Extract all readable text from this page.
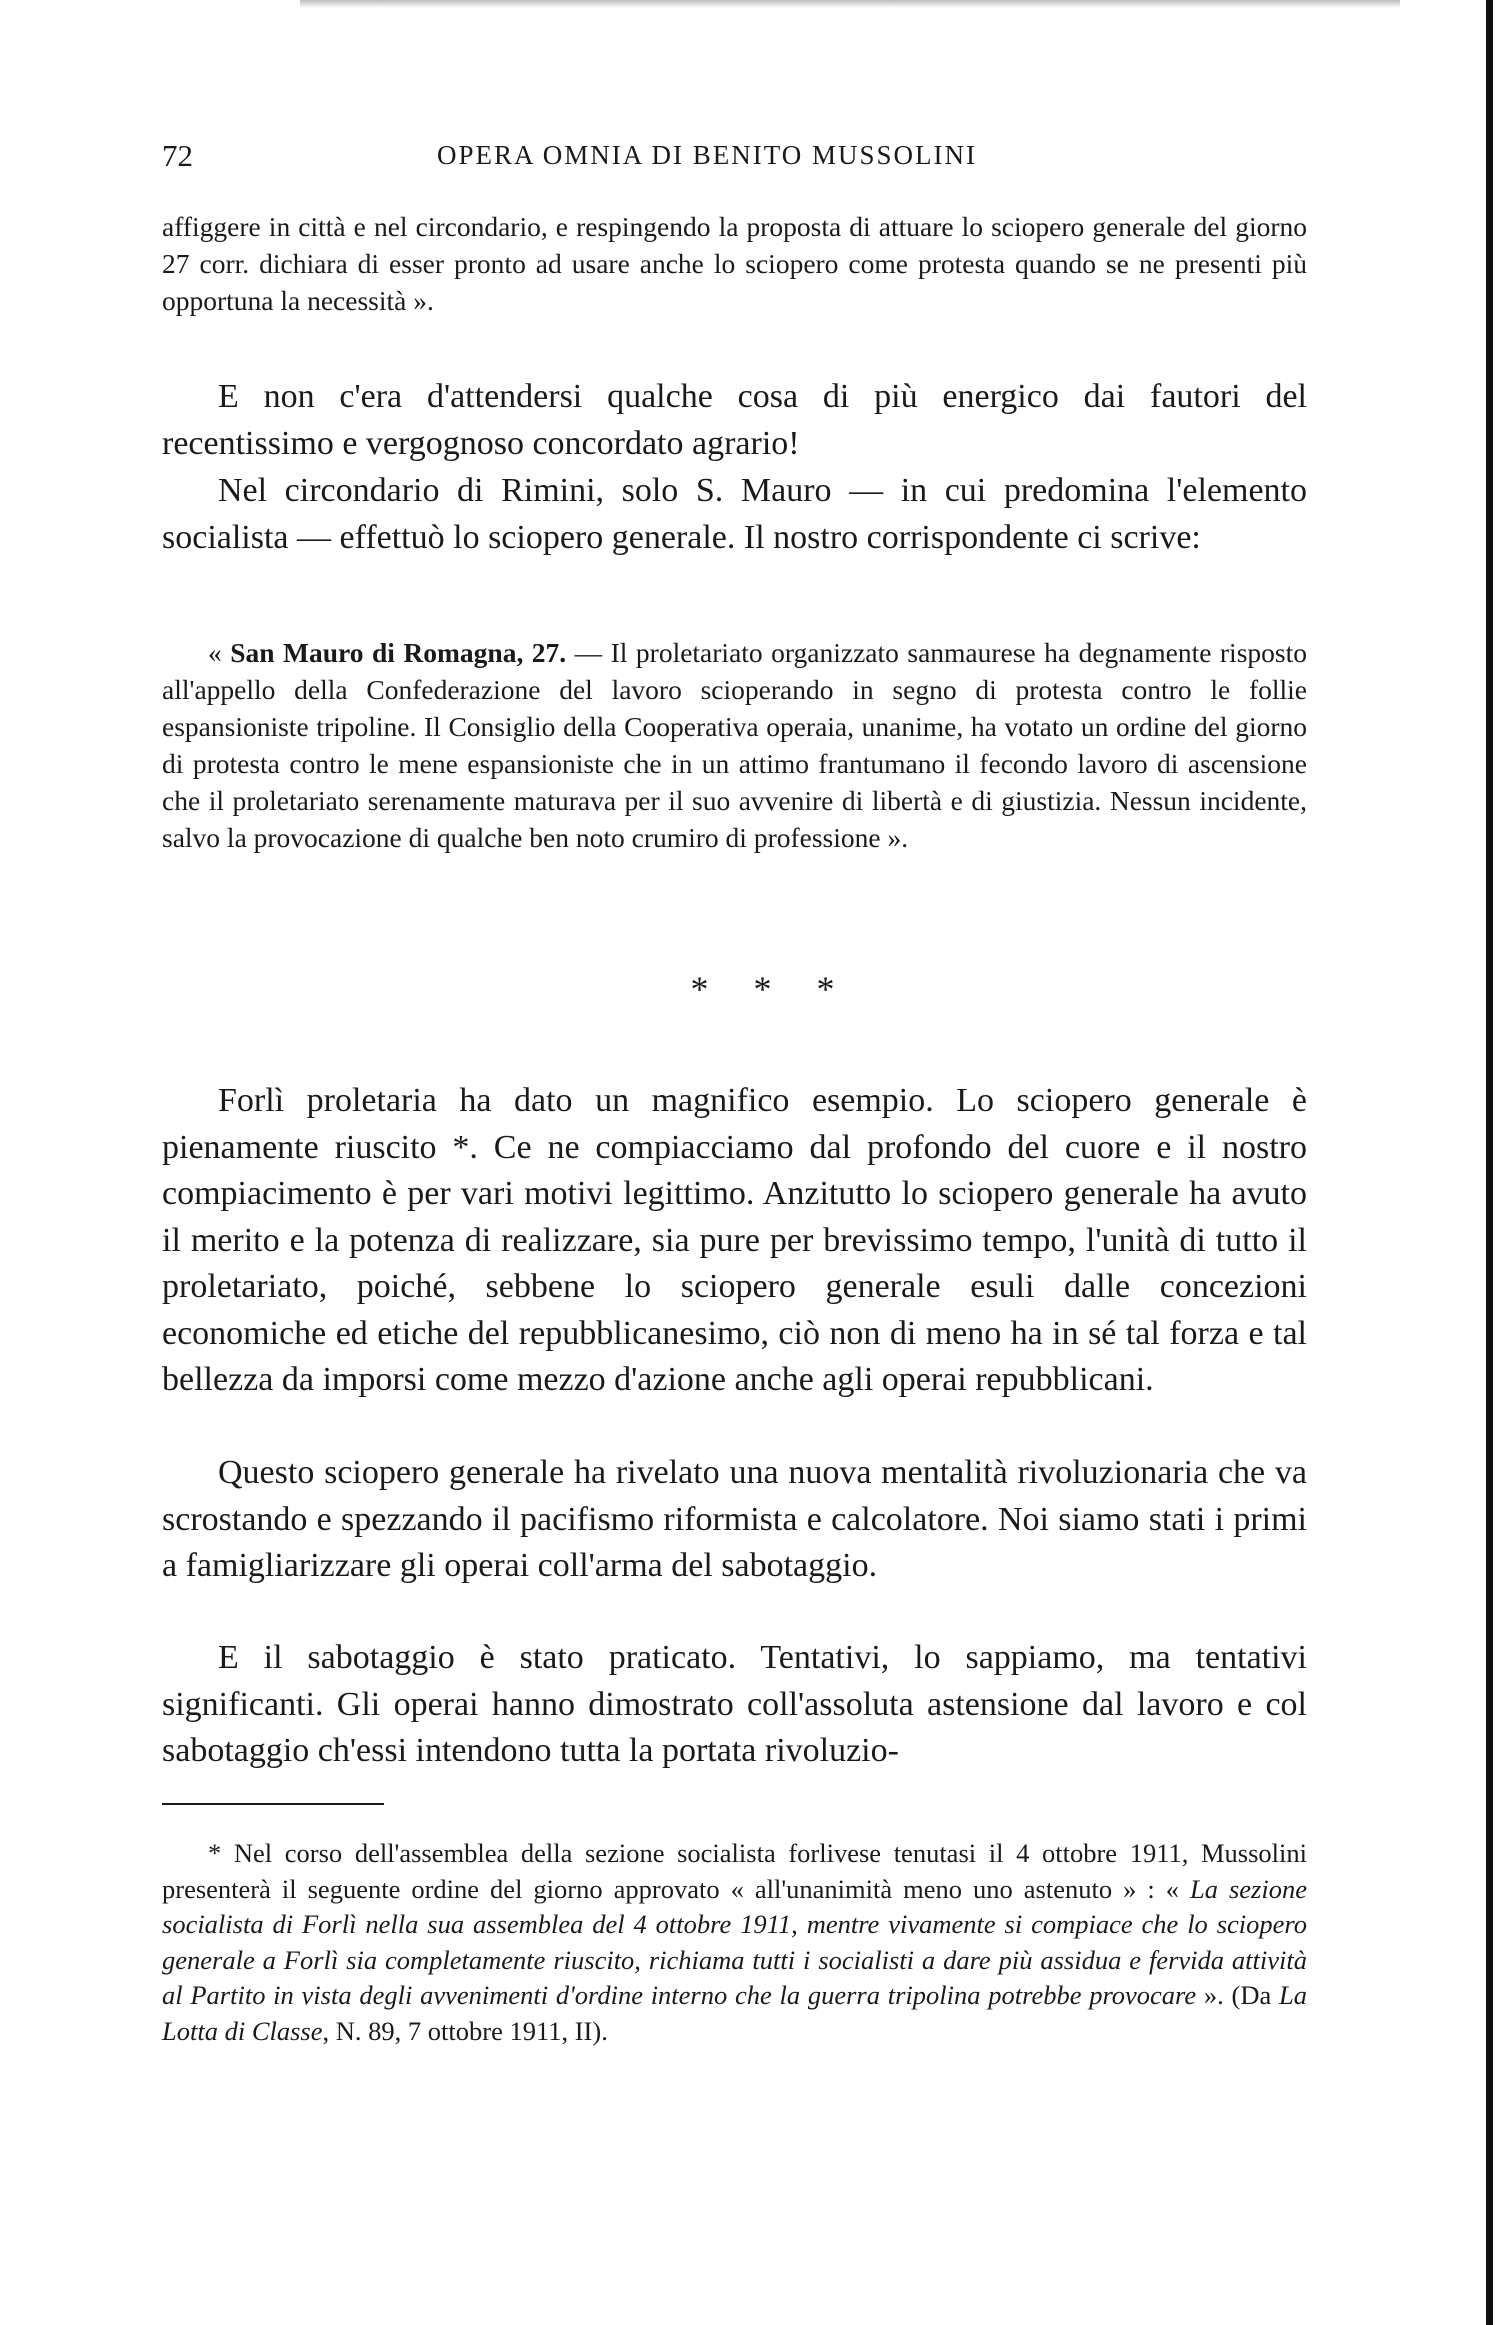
72	OPERA OMNIA DI BENITO MUSSOLINI

affiggere in città e nel circondario, e respingendo la proposta di attuare lo sciopero generale del giorno 27 corr. dichiara di esser pronto ad usare anche lo sciopero come protesta quando se ne presenti più opportuna la necessità ».

E non c'era d'attendersi qualche cosa di più energico dai fautori del recentissimo e vergognoso concordato agrario!

Nel circondario di Rimini, solo S. Mauro — in cui predomina l'elemento socialista — effettuò lo sciopero generale. Il nostro corrispondente ci scrive:

« San Mauro di Romagna, 27. — Il proletariato organizzato sanmaurese ha degnamente risposto all'appello della Confederazione del lavoro scioperando in segno di protesta contro le follie espansioniste tripoline. Il Consiglio della Cooperativa operaia, unanime, ha votato un ordine del giorno di protesta contro le mene espansioniste che in un attimo frantumano il fecondo lavoro di ascensione che il proletariato serenamente maturava per il suo avvenire di libertà e di giustizia. Nessun incidente, salvo la provocazione di qualche ben noto crumiro di professione ».

* * *

Forlì proletaria ha dato un magnifico esempio. Lo sciopero generale è pienamente riuscito *. Ce ne compiacciamo dal profondo del cuore e il nostro compiacimento è per vari motivi legittimo. Anzitutto lo sciopero generale ha avuto il merito e la potenza di realizzare, sia pure per brevissimo tempo, l'unità di tutto il proletariato, poiché, sebbene lo sciopero generale esuli dalle concezioni economiche ed etiche del repubblicanesimo, ciò non di meno ha in sé tal forza e tal bellezza da imporsi come mezzo d'azione anche agli operai repubblicani.

Questo sciopero generale ha rivelato una nuova mentalità rivoluzionaria che va scrostando e spezzando il pacifismo riformista e calcolatore. Noi siamo stati i primi a famigliarizzare gli operai coll'arma del sabotaggio.

E il sabotaggio è stato praticato. Tentativi, lo sappiamo, ma tentativi significanti. Gli operai hanno dimostrato coll'assoluta astensione dal lavoro e col sabotaggio ch'essi intendono tutta la portata rivoluzio-

* Nel corso dell'assemblea della sezione socialista forlivese tenutasi il 4 ottobre 1911, Mussolini presenterà il seguente ordine del giorno approvato « all'unanimità meno uno astenuto » : « La sezione socialista di Forlì nella sua assemblea del 4 ottobre 1911, mentre vivamente si compiace che lo sciopero generale a Forlì sia completamente riuscito, richiama tutti i socialisti a dare più assidua e fervida attività al Partito in vista degli avvenimenti d'ordine interno che la guerra tripolina potrebbe provocare ». (Da La Lotta di Classe, N. 89, 7 ottobre 1911, II).
